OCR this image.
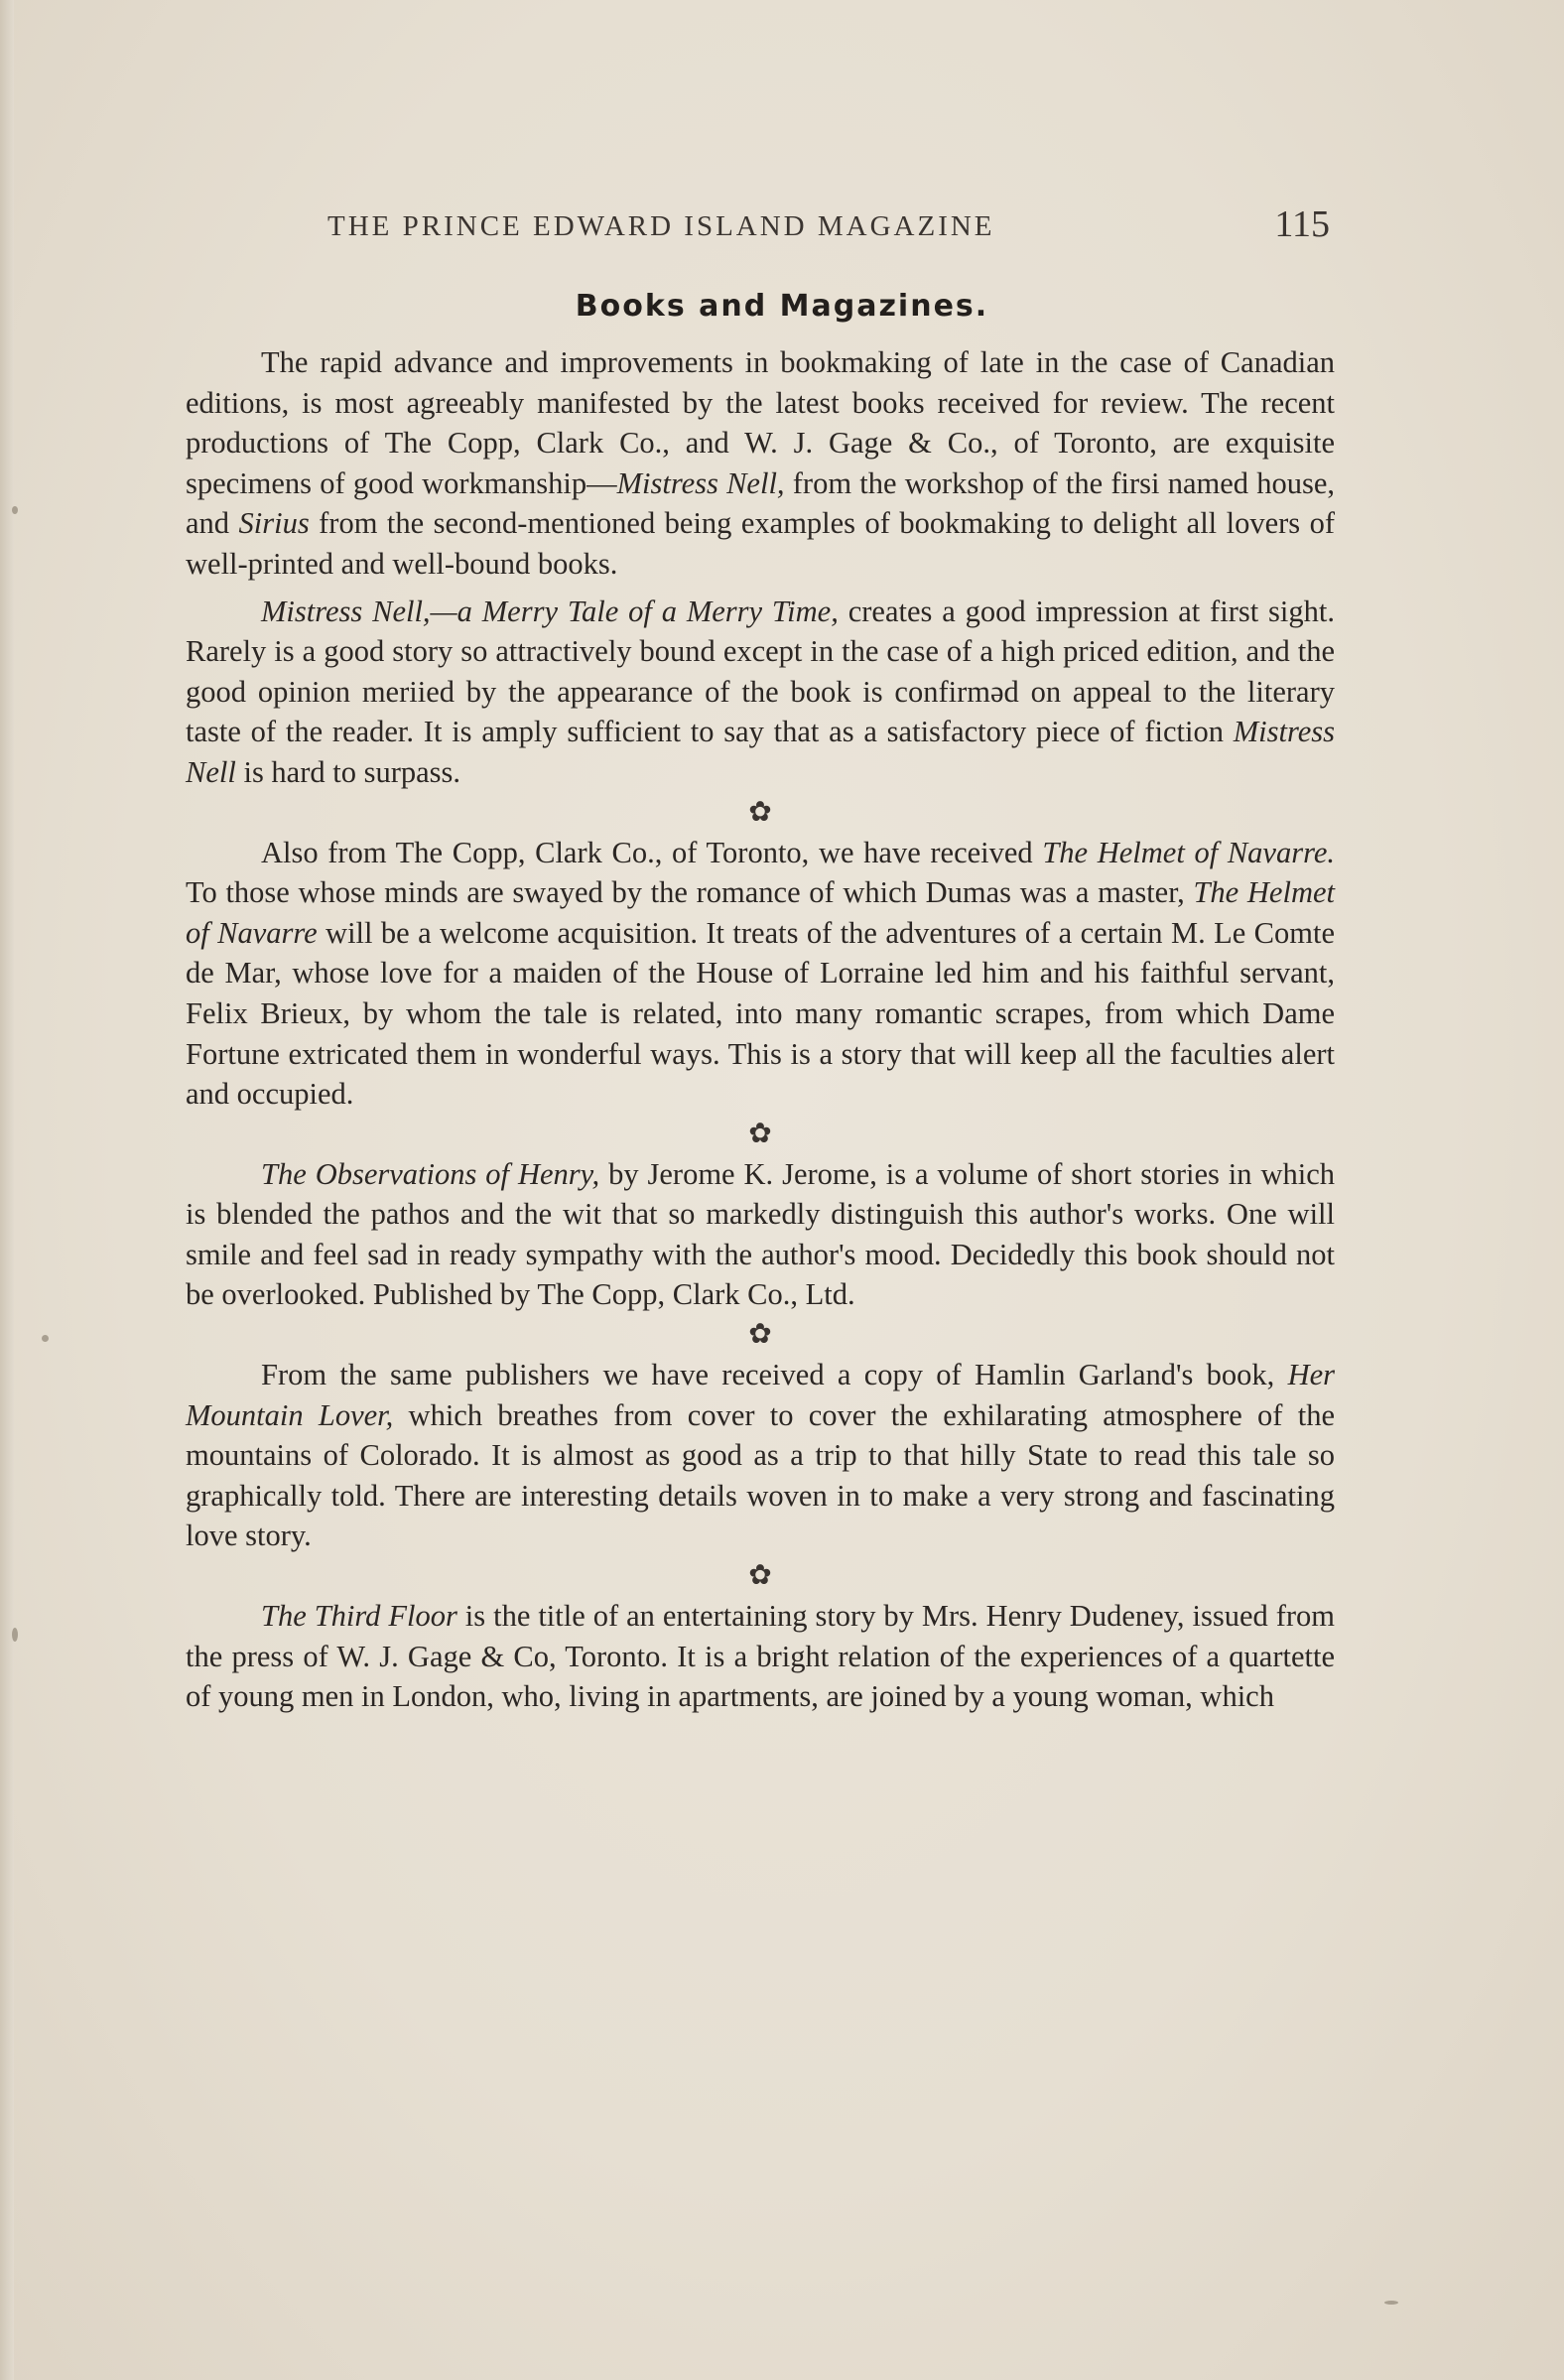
THE PRINCE EDWARD ISLAND MAGAZINE	115
Books and Magazines.

The rapid advance and improvements in bookmaking of late in the case of Canadian editions, is most agreeably manifested by the latest books received for review. The recent productions of The Copp, Clark Co., and W. J. Gage & Co., of Toronto, are exquisite specimens of good workmanship—Mistress Nell, from the workshop of the firsi named house, and Sirius from the second-mentioned being examples of bookmaking to delight all lovers of well-printed and well-bound books.

Mistress Nell,—a Merry Tale of a Merry Time, creates a good impression at first sight. Rarely is a good story so attractively bound except in the case of a high priced edition, and the good opinion meriied by the appearance of the book is confirmәd on appeal to the literary taste of the reader. It is amply sufficient to say that as a satisfactory piece of fiction Mistress Nell is hard to surpass.

✿

Also from The Copp, Clark Co., of Toronto, we have received The Helmet of Navarre. To those whose minds are swayed by the romance of which Dumas was a master, The Helmet of Navarre will be a welcome acquisition. It treats of the adventures of a certain M. Le Comte de Mar, whose love for a maiden of the House of Lorraine led him and his faithful servant, Felix Brieux, by whom the tale is related, into many romantic scrapes, from which Dame Fortune extricated them in wonderful ways. This is a story that will keep all the faculties alert and occupied.

✿

The Observations of Henry, by Jerome K. Jerome, is a volume of short stories in which is blended the pathos and the wit that so markedly distinguish this author's works. One will smile and feel sad in ready sympathy with the author's mood. Decidedly this book should not be overlooked. Published by The Copp, Clark Co., Ltd.

✿

From the same publishers we have received a copy of Hamlin Garland's book, Her Mountain Lover, which breathes from cover to cover the exhilarating atmosphere of the mountains of Colorado. It is almost as good as a trip to that hilly State to read this tale so graphically told. There are interesting details woven in to make a very strong and fascinating love story.

✿

The Third Floor is the title of an entertaining story by Mrs. Henry Dudeney, issued from the press of W. J. Gage & Co, Toronto. It is a bright relation of the experiences of a quartette of young men in London, who, living in apartments, are joined by a young woman, which
